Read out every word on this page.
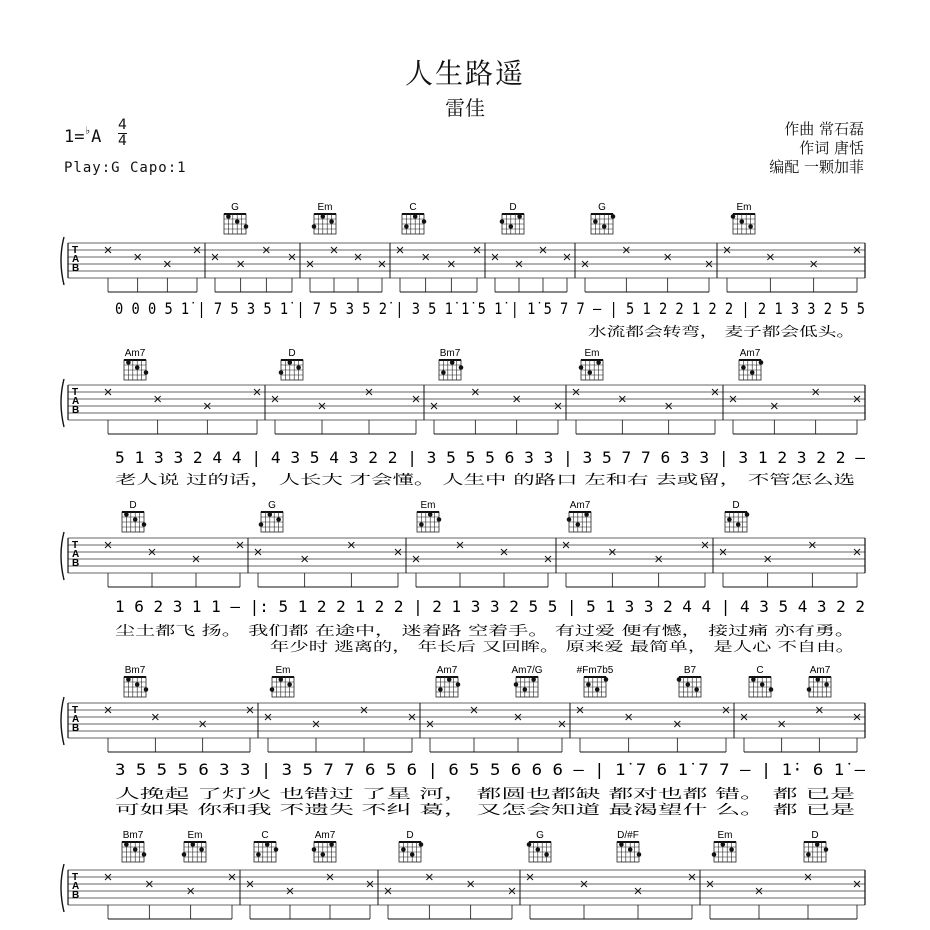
人生路遥
雷佳
1=♭A
4
4
Play:G Capo:1
作曲 常石磊
作词 唐恬
编配 一颗加菲
G	Em	C	D	G	Em
T
A
B
0 0 0 5 1̇ | 7 5 3 5 1̇ | 7 5 3 5 2̇ | 3 5 1̇ 1̇ 5 1̇ | 1̇ 5 7 7 – | 5 1 2 2 1 2 2 | 2 1 3 3 2 5 5
水流都会转弯， 麦子都会低头。
Am7	D	Bm7	Em	Am7
T
A
B
5 1 3 3 2 4 4 | 4 3 5 4 3 2 2 | 3 5 5 5 6 3 3 | 3 5 7 7 6 3 3 | 3 1 2 3 2 2 –
老人说 过的话， 人长大 才会懂。 人生中 的路口 左和右 去或留， 不管怎么选
D	G	Em	Am7	D
T
A
B
1 6 2 3 1 1 – |: 5 1 2 2 1 2 2 | 2 1 3 3 2 5 5 | 5 1 3 3 2 4 4 | 4 3 5 4 3 2 2
尘土都飞 扬。 我们都 在途中， 迷着路 空着手。 有过爱 便有憾， 接过痛 亦有勇。
年少时 逃离的， 年长后 又回眸。 原来爱 最简单， 是人心 不自由。
Bm7	Em	Am7	Am7/G	#Fm7b5	B7	C	Am7
T
A
B
3 5 5 5 6 3 3 | 3 5 7 7 6 5 6 | 6 5 5 6 6 6 – | 1̇ 7 6 1̇ 7 7 – | 1̇· 6 1̇ –
人挽起 了灯火 也错过 了星 河， 都圆也都缺 都对也都 错。 都 已是
可如果 你和我 不遗失 不纠 葛， 又怎会知道 最渴望什 么。 都 已是
Bm7	Em	C	Am7	D	G	D/#F	Em	D
T
A
B
